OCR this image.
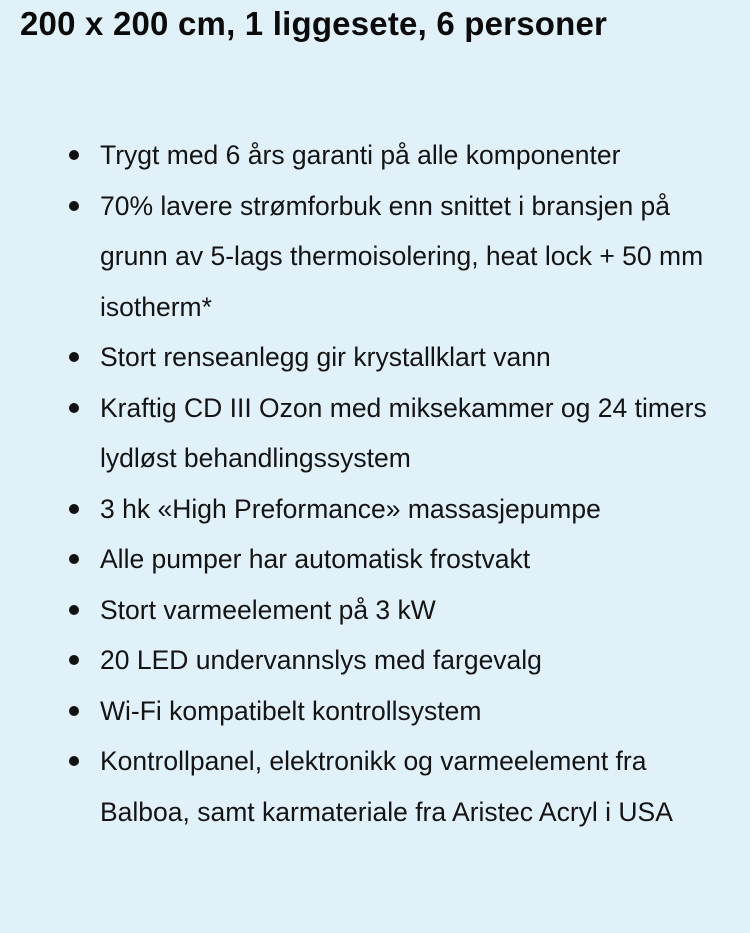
200 x 200 cm, 1 liggesete, 6 personer
Trygt med 6 års garanti på alle komponenter
70% lavere strømforbuk enn snittet i bransjen på grunn av 5-lags thermoisolering, heat lock + 50 mm isotherm*
Stort renseanlegg gir krystallklart vann
Kraftig CD III Ozon med miksekammer og 24 timers lydløst behandlingssystem
3 hk «High Preformance» massasjepumpe
Alle pumper har automatisk frostvakt
Stort varmeelement på 3 kW
20 LED undervannslys med fargevalg
Wi-Fi kompatibelt kontrollsystem
Kontrollpanel, elektronikk og varmeelement fra Balboa, samt karmateriale fra Aristec Acryl i USA
